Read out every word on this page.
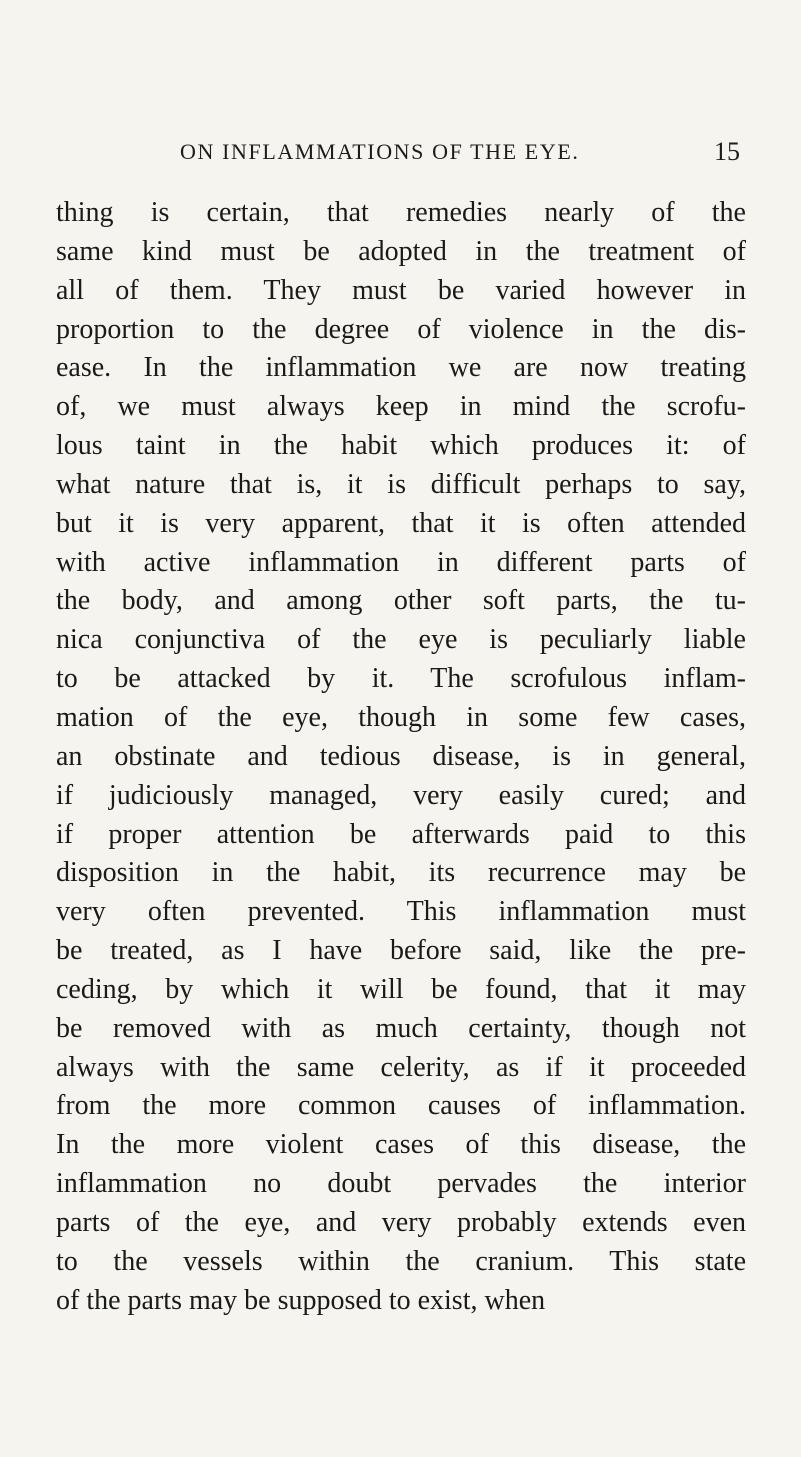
ON INFLAMMATIONS OF THE EYE.	15
thing is certain, that remedies nearly of the
same kind must be adopted in the treatment of
all of them. They must be varied however in
proportion to the degree of violence in the dis-
ease. In the inflammation we are now treating
of, we must always keep in mind the scrofu-
lous taint in the habit which produces it: of
what nature that is, it is difficult perhaps to say,
but it is very apparent, that it is often attended
with active inflammation in different parts of
the body, and among other soft parts, the tu-
nica conjunctiva of the eye is peculiarly liable
to be attacked by it. The scrofulous inflam-
mation of the eye, though in some few cases,
an obstinate and tedious disease, is in general,
if judiciously managed, very easily cured; and
if proper attention be afterwards paid to this
disposition in the habit, its recurrence may be
very often prevented. This inflammation must
be treated, as I have before said, like the pre-
ceding, by which it will be found, that it may
be removed with as much certainty, though not
always with the same celerity, as if it proceeded
from the more common causes of inflammation.
In the more violent cases of this disease, the
inflammation no doubt pervades the interior
parts of the eye, and very probably extends even
to the vessels within the cranium. This state
of the parts may be supposed to exist, when
